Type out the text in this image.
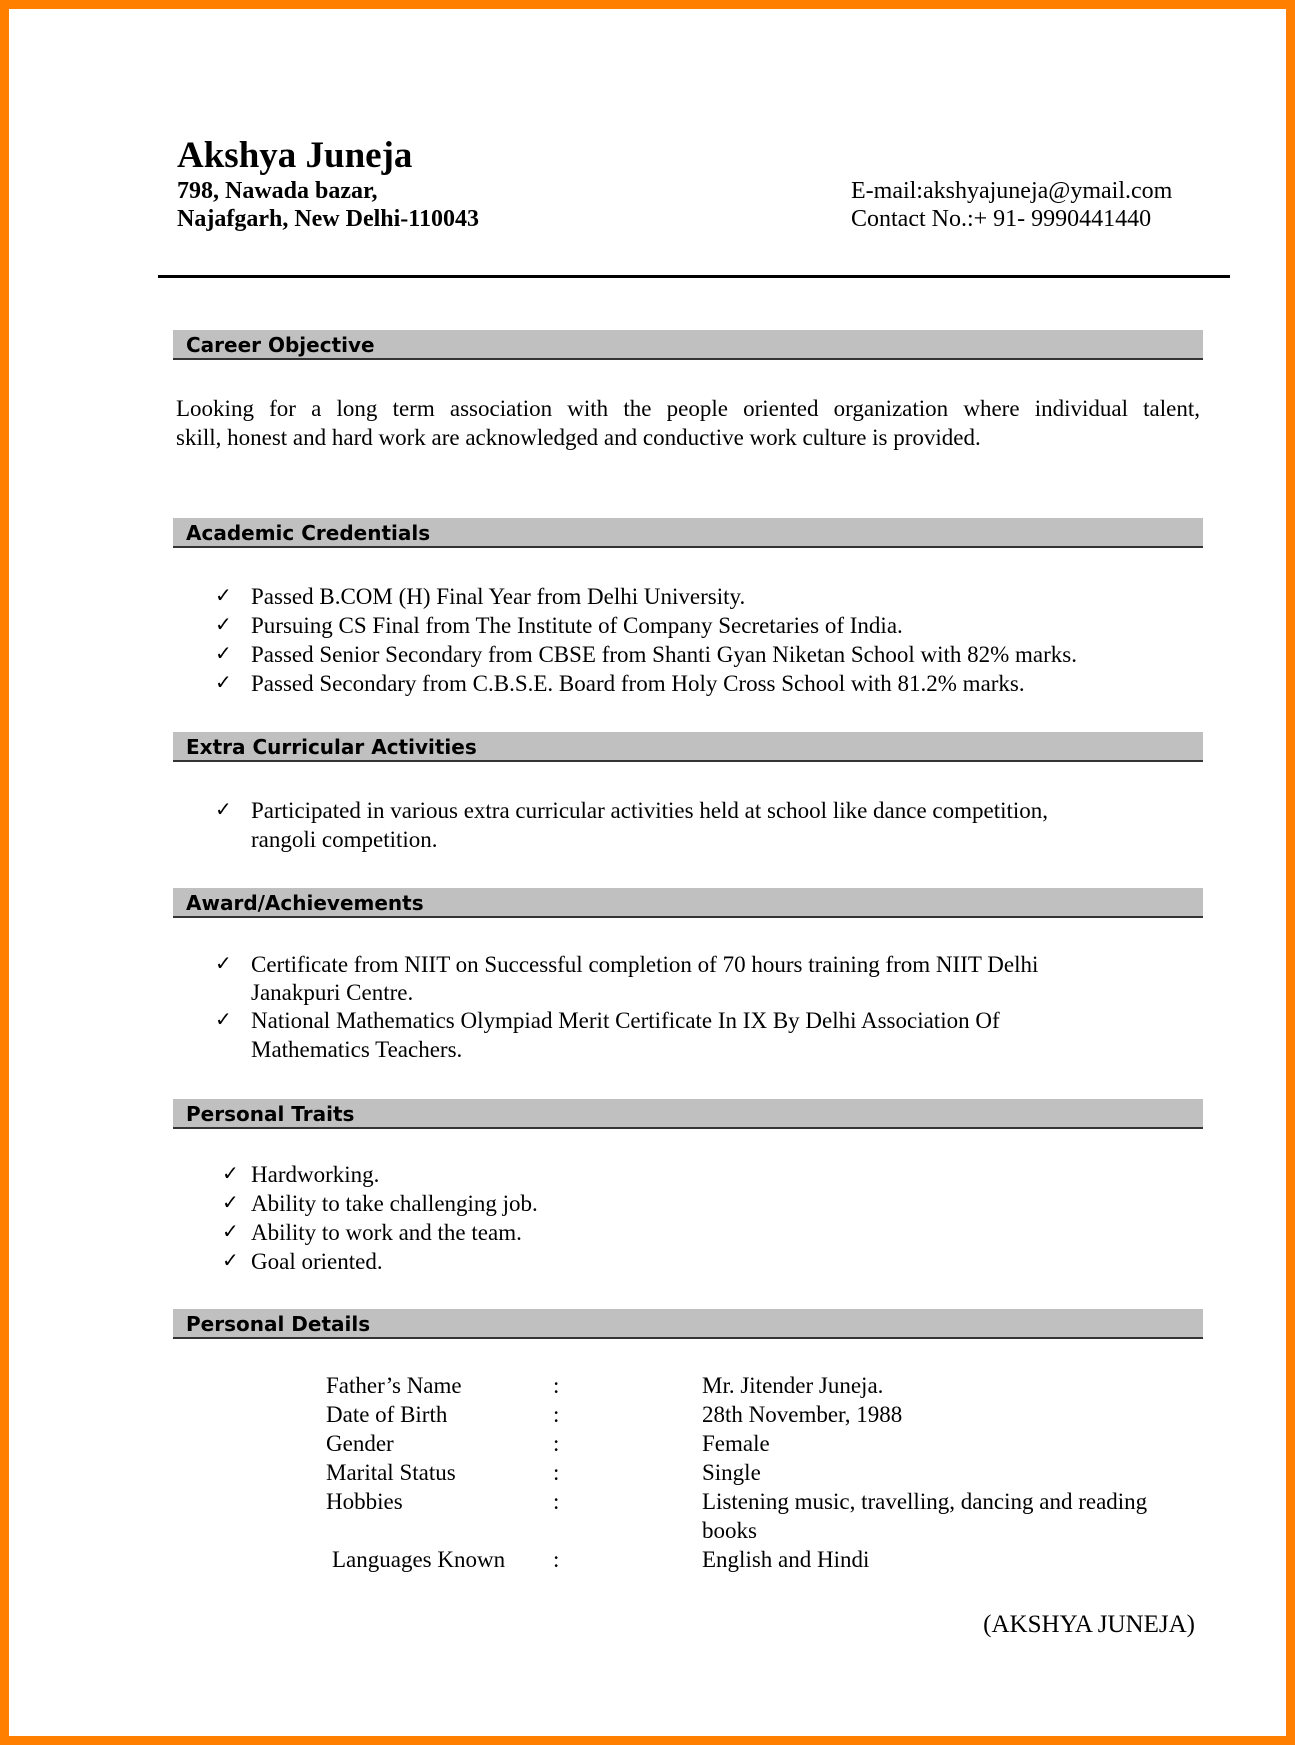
Akshya Juneja
798, Nawada bazar,
Najafgarh, New Delhi-110043
E-mail:akshyajuneja@ymail.com
Contact No.:+ 91- 9990441440
Career Objective
Looking for a long term association with the people oriented organization where individual talent,
skill, honest and hard work are acknowledged and conductive work culture is provided.
Academic Credentials
Extra Curricular Activities
✓ Participated in various extra curricular activities held at school like dance competition,
rangoli competition.
Award/Achievements
✓ Certificate from NIIT on Successful completion of 70 hours training from NIIT Delhi
Janakpuri Centre.
✓ National Mathematics Olympiad Merit Certificate In IX By Delhi Association Of
Mathematics Teachers.
Personal Traits
Personal Details
(AKSHYA JUNEJA)
✓ Passed B.COM (H) Final Year from Delhi University.
✓ Pursuing CS Final from The Institute of Company Secretaries of India.
✓ Passed Senior Secondary from CBSE from Shanti Gyan Niketan School with 82% marks.
✓ Passed Secondary from C.B.S.E. Board from Holy Cross School with 81.2% marks.
✓ Hardworking.
✓ Ability to take challenging job.
✓ Ability to work and the team.
✓ Goal oriented.
Father’s Name	:	Mr. Jitender Juneja.
Date of Birth	:	28th November, 1988
Gender	:	Female
Marital Status	:	Single
Hobbies	:	Listening music, travelling, dancing and reading
books
Languages Known :	English and Hindi
